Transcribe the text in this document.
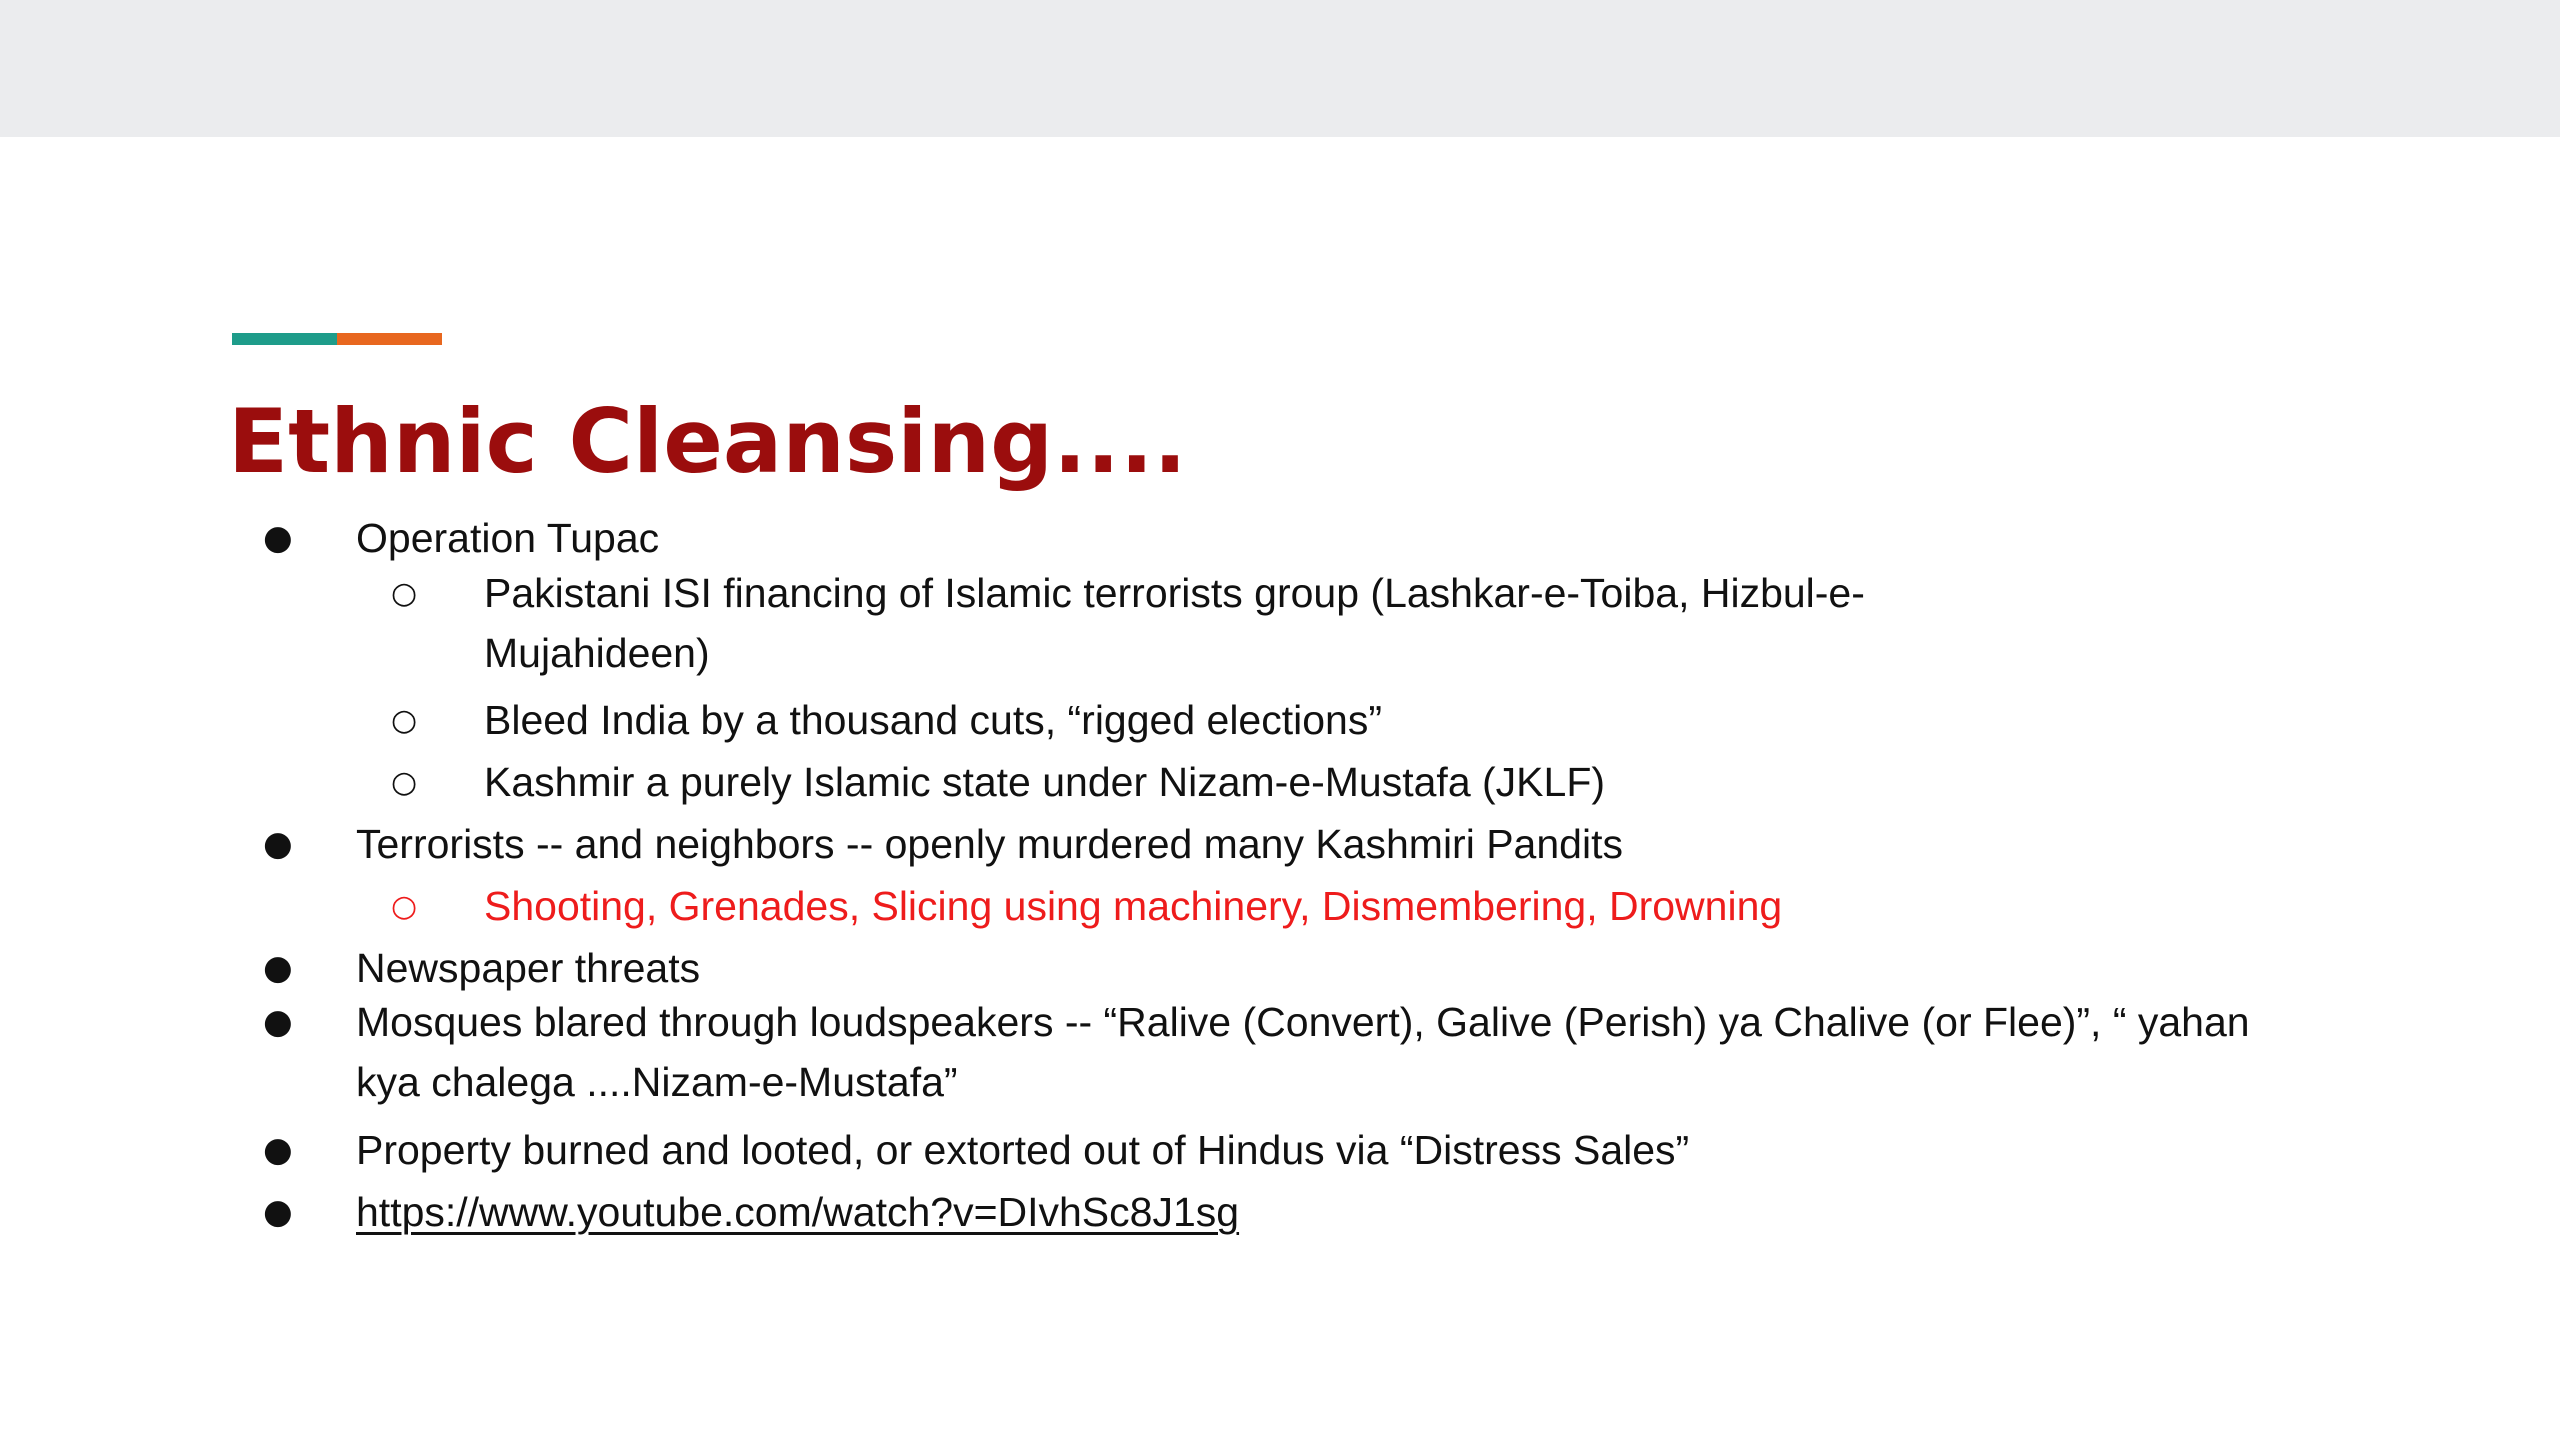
Ethnic Cleansing....
● Operation Tupac
○ Pakistani ISI financing of Islamic terrorists group (Lashkar-e-Toiba, Hizbul-e-Mujahideen)
○ Bleed India by a thousand cuts, “rigged elections”
○ Kashmir a purely Islamic state under Nizam-e-Mustafa (JKLF)
● Terrorists -- and neighbors -- openly murdered many Kashmiri Pandits
○ Shooting, Grenades, Slicing using machinery, Dismembering, Drowning
● Newspaper threats
● Mosques blared through loudspeakers -- “Ralive (Convert), Galive (Perish) ya Chalive (or Flee)”, “ yahan kya chalega ....Nizam-e-Mustafa”
● Property burned and looted, or extorted out of Hindus via “Distress Sales”
● https://www.youtube.com/watch?v=DIvhSc8J1sg
